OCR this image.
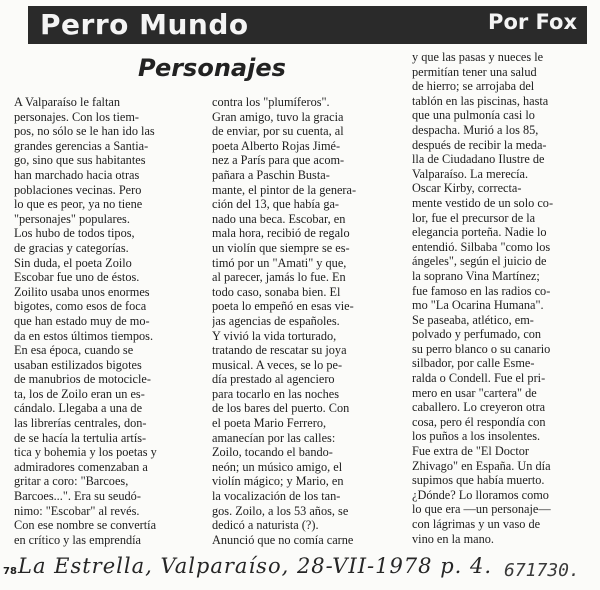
Perro Mundo	Por Fox
Personajes
A Valparaíso le faltan
personajes. Con los tiem-
pos, no sólo se le han ido las
grandes gerencias a Santia-
go, sino que sus habitantes
han marchado hacia otras
poblaciones vecinas. Pero
lo que es peor, ya no tiene
"personajes" populares.
Los hubo de todos tipos,
de gracias y categorías.
Sin duda, el poeta Zoilo
Escobar fue uno de éstos.
Zoilito usaba unos enormes
bigotes, como esos de foca
que han estado muy de mo-
da en estos últimos tiempos.
En esa época, cuando se
usaban estilizados bigotes
de manubrios de motocicle-
ta, los de Zoilo eran un es-
cándalo. Llegaba a una de
las librerías centrales, don-
de se hacía la tertulia artís-
tica y bohemia y los poetas y
admiradores comenzaban a
gritar a coro: "Barcoes,
Barcoes...". Era su seudó-
nimo: "Escobar" al revés.
Con ese nombre se convertía
en crítico y las emprendía
contra los "plumíferos".
Gran amigo, tuvo la gracia
de enviar, por su cuenta, al
poeta Alberto Rojas Jimé-
nez a París para que acom-
pañara a Paschin Busta-
mante, el pintor de la genera-
ción del 13, que había ga-
nado una beca. Escobar, en
mala hora, recibió de regalo
un violín que siempre se es-
timó por un "Amati" y que,
al parecer, jamás lo fue. En
todo caso, sonaba bien. El
poeta lo empeñó en esas vie-
jas agencias de españoles.
Y vivió la vida torturado,
tratando de rescatar su joya
musical. A veces, se lo pe-
día prestado al agenciero
para tocarlo en las noches
de los bares del puerto. Con
el poeta Mario Ferrero,
amanecían por las calles:
Zoilo, tocando el bando-
neón; un músico amigo, el
violín mágico; y Mario, en
la vocalización de los tan-
gos. Zoilo, a los 53 años, se
dedicó a naturista (?).
Anunció que no comía carne
y que las pasas y nueces le
permitían tener una salud
de hierro; se arrojaba del
tablón en las piscinas, hasta
que una pulmonía casi lo
despacha. Murió a los 85,
después de recibir la meda-
lla de Ciudadano Ilustre de
Valparaíso. La merecía.
Oscar Kirby, correcta-
mente vestido de un solo co-
lor, fue el precursor de la
elegancia porteña. Nadie lo
entendió. Silbaba "como los
ángeles", según el juicio de
la soprano Vina Martínez;
fue famoso en las radios co-
mo "La Ocarina Humana".
Se paseaba, atlético, em-
polvado y perfumado, con
su perro blanco o su canario
silbador, por calle Esme-
ralda o Condell. Fue el pri-
mero en usar "cartera" de
caballero. Lo creyeron otra
cosa, pero él respondía con
los puños a los insolentes.
Fue extra de "El Doctor
Zhivago" en España. Un día
supimos que había muerto.
¿Dónde? Lo lloramos como
lo que era —un personaje—
con lágrimas y un vaso de
vino en la mano.
78 La Estrella, Valparaíso, 28-VII-1978 p. 4. 671730.
